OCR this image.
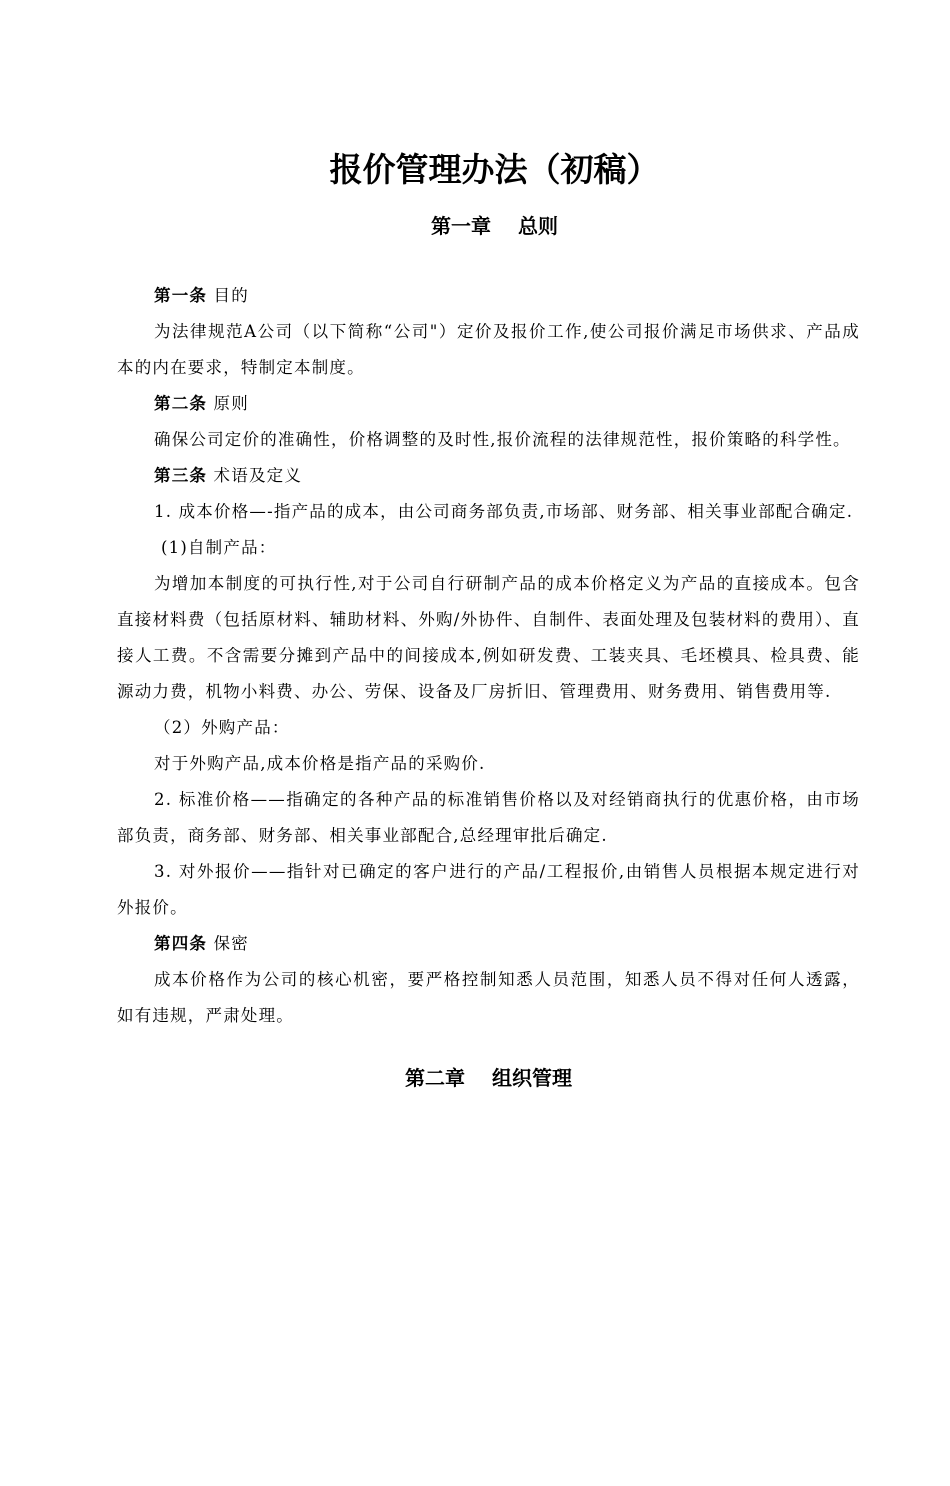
报价管理办法（初稿）
第一章　 总则

第一条 目的

为法律规范A公司（以下简称“公司"）定价及报价工作,使公司报价满足市场供求、产品成本的内在要求，特制定本制度。

第二条 原则

确保公司定价的准确性，价格调整的及时性,报价流程的法律规范性，报价策略的科学性。

第三条 术语及定义

1. 成本价格—-指产品的成本，由公司商务部负责,市场部、财务部、相关事业部配合确定.

(1)自制产品：

为增加本制度的可执行性,对于公司自行研制产品的成本价格定义为产品的直接成本。包含直接材料费（包括原材料、辅助材料、外购/外协件、自制件、表面处理及包装材料的费用）、直接人工费。不含需要分摊到产品中的间接成本,例如研发费、工装夹具、毛坯模具、检具费、能源动力费，机物小料费、办公、劳保、设备及厂房折旧、管理费用、财务费用、销售费用等.

（2）外购产品：

对于外购产品,成本价格是指产品的采购价.

2. 标准价格——指确定的各种产品的标准销售价格以及对经销商执行的优惠价格，由市场部负责，商务部、财务部、相关事业部配合,总经理审批后确定.

3. 对外报价——指针对已确定的客户进行的产品/工程报价,由销售人员根据本规定进行对外报价。

第四条 保密

成本价格作为公司的核心机密，要严格控制知悉人员范围，知悉人员不得对任何人透露，如有违规，严肃处理。

第二章　 组织管理
